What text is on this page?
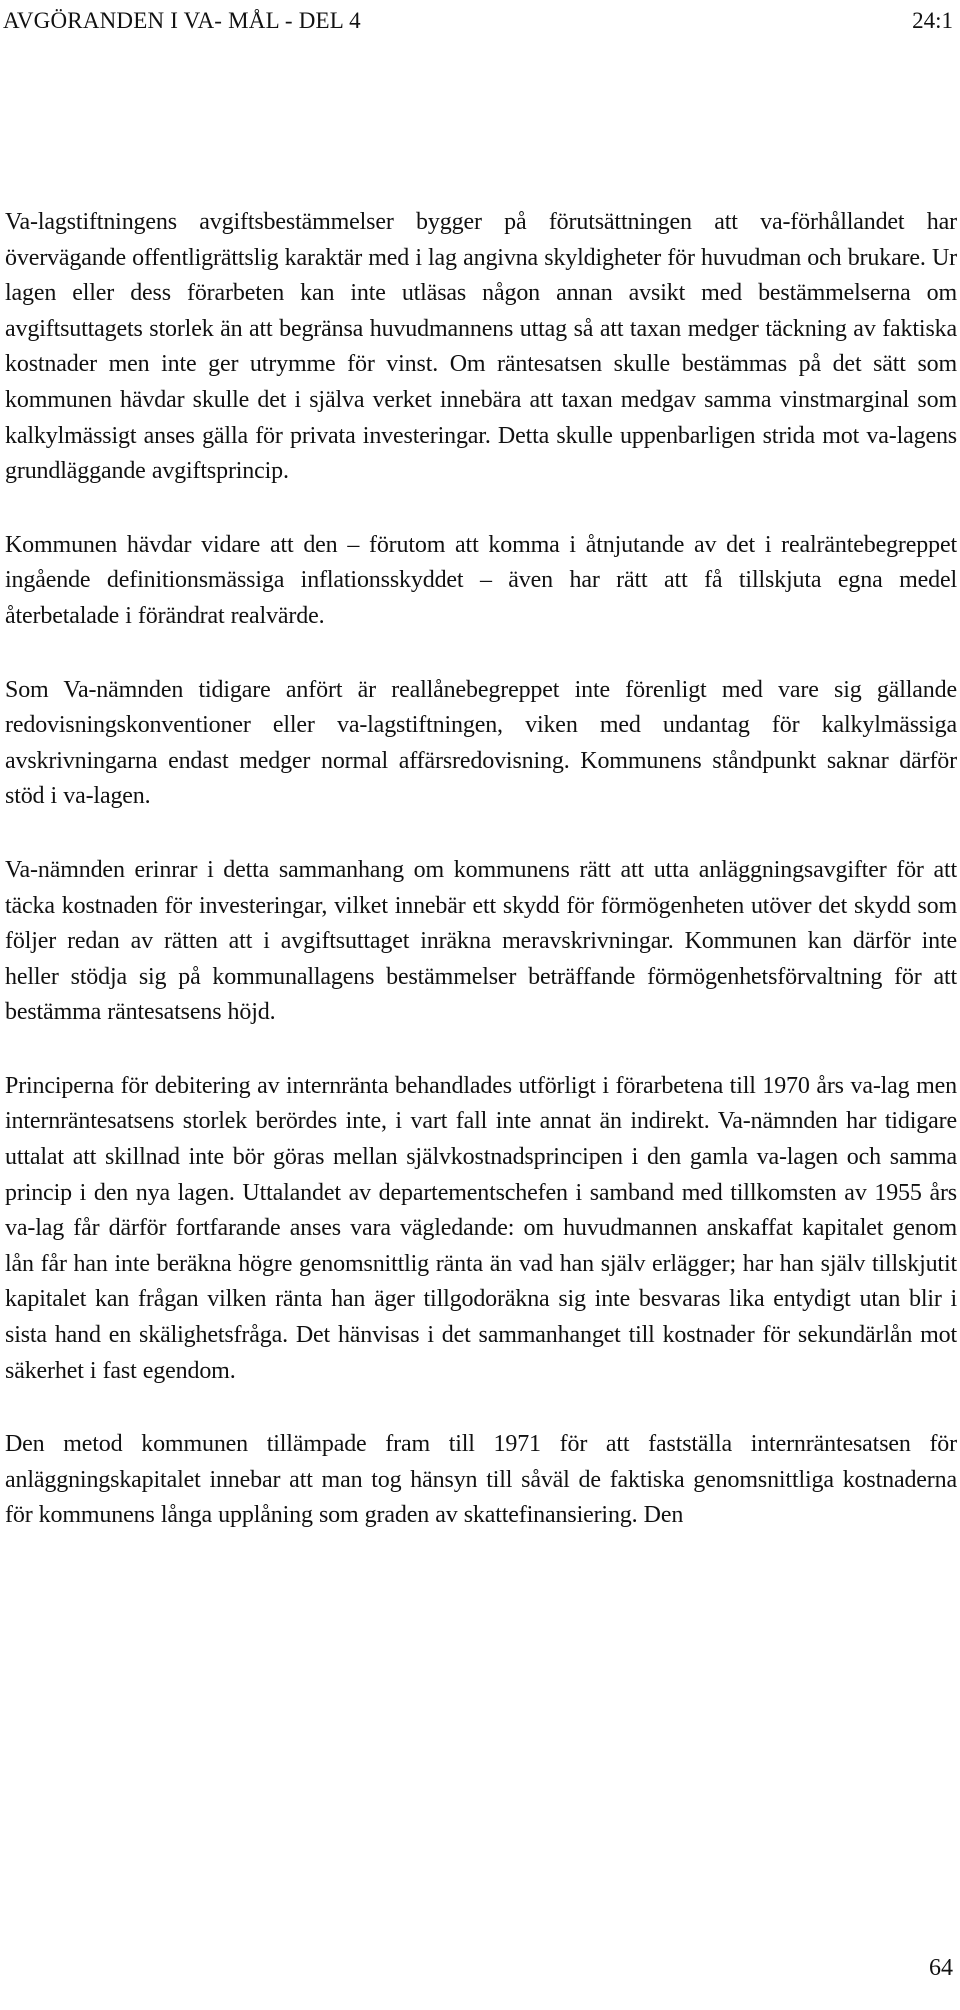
AVGÖRANDEN I VA- MÅL - DEL 4	24:1

Va-lagstiftningens avgiftsbestämmelser bygger på förutsättningen att va-förhållandet har övervägande offentligrättslig karaktär med i lag angivna skyldigheter för huvudman och brukare. Ur lagen eller dess förarbeten kan inte utläsas någon annan avsikt med bestämmelserna om avgiftsuttagets storlek än att begränsa huvudmannens uttag så att taxan medger täckning av faktiska kostnader men inte ger utrymme för vinst. Om räntesatsen skulle bestämmas på det sätt som kommunen hävdar skulle det i själva verket innebära att taxan medgav samma vinstmarginal som kalkylmässigt anses gälla för privata investeringar. Detta skulle uppenbarligen strida mot va-lagens grundläggande avgiftsprincip.

Kommunen hävdar vidare att den – förutom att komma i åtnjutande av det i realräntebegreppet ingående definitionsmässiga inflationsskyddet – även har rätt att få tillskjuta egna medel återbetalade i förändrat realvärde.

Som Va-nämnden tidigare anfört är reallånebegreppet inte förenligt med vare sig gällande redovisningskonventioner eller va-lagstiftningen, viken med undantag för kalkylmässiga avskrivningarna endast medger normal affärsredovisning. Kommunens ståndpunkt saknar därför stöd i va-lagen.

Va-nämnden erinrar i detta sammanhang om kommunens rätt att utta anläggningsavgifter för att täcka kostnaden för investeringar, vilket innebär ett skydd för förmögenheten utöver det skydd som följer redan av rätten att i avgiftsuttaget inräkna meravskrivningar. Kommunen kan därför inte heller stödja sig på kommunallagens bestämmelser beträffande förmögenhetsförvaltning för att bestämma räntesatsens höjd.

Principerna för debitering av internränta behandlades utförligt i förarbetena till 1970 års va-lag men internräntesatsens storlek berördes inte, i vart fall inte annat än indirekt. Va-nämnden har tidigare uttalat att skillnad inte bör göras mellan självkostnadsprincipen i den gamla va-lagen och samma princip i den nya lagen. Uttalandet av departementschefen i samband med tillkomsten av 1955 års va-lag får därför fortfarande anses vara vägledande: om huvudmannen anskaffat kapitalet genom lån får han inte beräkna högre genomsnittlig ränta än vad han själv erlägger; har han själv tillskjutit kapitalet kan frågan vilken ränta han äger tillgodoräkna sig inte besvaras lika entydigt utan blir i sista hand en skälighetsfråga. Det hänvisas i det sammanhanget till kostnader för sekundärlån mot säkerhet i fast egendom.

Den metod kommunen tillämpade fram till 1971 för att fastställa internräntesatsen för anläggningskapitalet innebar att man tog hänsyn till såväl de faktiska genomsnittliga kostnaderna för kommunens långa upplåning som graden av skattefinansiering. Den

64
